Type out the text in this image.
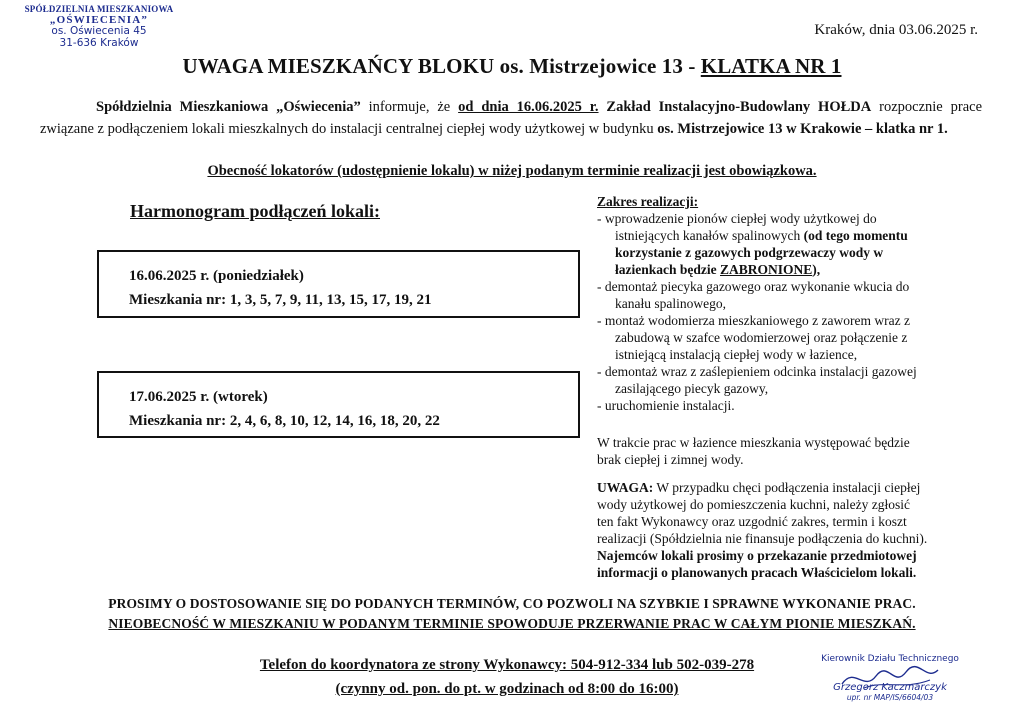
SPÓŁDZIELNIA MIESZKANIOWA
„OŚWIECENIA”
os. Oświecenia 45
31-636 Kraków
Kraków, dnia 03.06.2025 r.
UWAGA MIESZKAŃCY BLOKU os. Mistrzejowice 13 - KLATKA NR 1
Spółdzielnia Mieszkaniowa „Oświecenia” informuje, że od dnia 16.06.2025 r. Zakład Instalacyjno-Budowlany HOŁDA rozpocznie prace związane z podłączeniem lokali mieszkalnych do instalacji centralnej ciepłej wody użytkowej w budynku os. Mistrzejowice 13 w Krakowie – klatka nr 1.
Obecność lokatorów (udostępnienie lokalu) w niżej podanym terminie realizacji jest obowiązkowa.
Harmonogram podłączeń lokali:
16.06.2025 r. (poniedziałek)
Mieszkania nr: 1, 3, 5, 7, 9, 11, 13, 15, 17, 19, 21
17.06.2025 r. (wtorek)
Mieszkania nr: 2, 4, 6, 8, 10, 12, 14, 16, 18, 20, 22
Zakres realizacji:
- wprowadzenie pionów ciepłej wody użytkowej do
istniejących kanałów spalinowych (od tego momentu
korzystanie z gazowych podgrzewaczy wody w
łazienkach będzie ZABRONIONE),
- demontaż piecyka gazowego oraz wykonanie wkucia do
kanału spalinowego,
- montaż wodomierza mieszkaniowego z zaworem wraz z
zabudową w szafce wodomierzowej oraz połączenie z
istniejącą instalacją ciepłej wody w łazience,
- demontaż wraz z zaślepieniem odcinka instalacji gazowej
zasilającego piecyk gazowy,
- uruchomienie instalacji.
W trakcie prac w łazience mieszkania występować będzie
brak ciepłej i zimnej wody.
UWAGA: W przypadku chęci podłączenia instalacji ciepłej
wody użytkowej do pomieszczenia kuchni, należy zgłosić
ten fakt Wykonawcy oraz uzgodnić zakres, termin i koszt
realizacji (Spółdzielnia nie finansuje podłączenia do kuchni).
Najemców lokali prosimy o przekazanie przedmiotowej
informacji o planowanych pracach Właścicielom lokali.
PROSIMY O DOSTOSOWANIE SIĘ DO PODANYCH TERMINÓW, CO POZWOLI NA SZYBKIE I SPRAWNE WYKONANIE PRAC.
NIEOBECNOŚĆ W MIESZKANIU W PODANYM TERMINIE SPOWODUJE PRZERWANIE PRAC W CAŁYM PIONIE MIESZKAŃ.
Telefon do koordynatora ze strony Wykonawcy: 504-912-334 lub 502-039-278
(czynny od. pon. do pt. w godzinach od 8:00 do 16:00)
Kierownik Działu Technicznego
Grzegorz Kaczmarczyk
upr. nr MAP/IS/6604/03
